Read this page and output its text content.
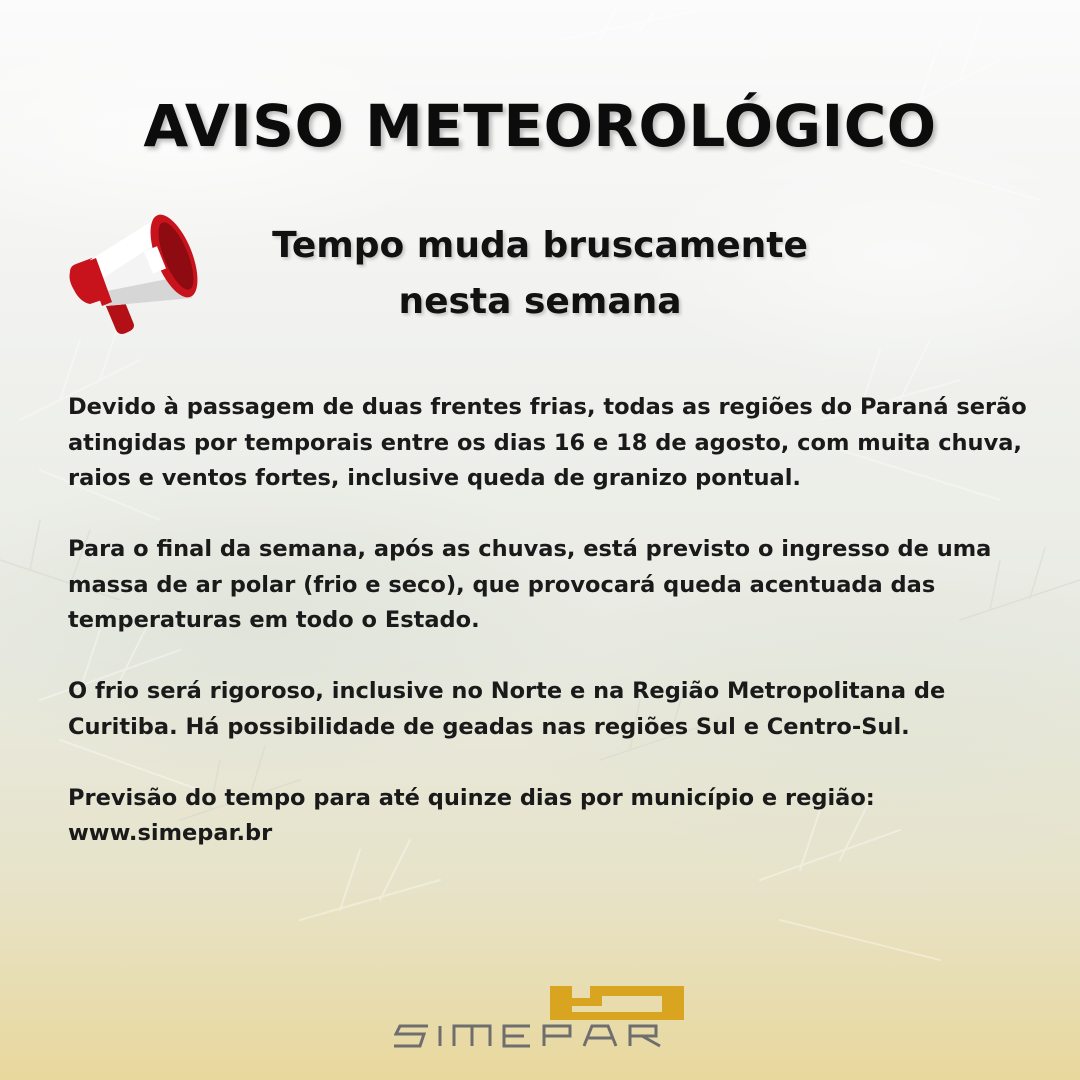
AVISO METEOROLÓGICO
Tempo muda bruscamente
nesta semana

Devido à passagem de duas frentes frias, todas as regiões do Paraná serão atingidas por temporais entre os dias 16 e 18 de agosto, com muita chuva, raios e ventos fortes, inclusive queda de granizo pontual.

Para o final da semana, após as chuvas, está previsto o ingresso de uma massa de ar polar (frio e seco), que provocará queda acentuada das temperaturas em todo o Estado.

O frio será rigoroso, inclusive no Norte e na Região Metropolitana de Curitiba. Há possibilidade de geadas nas regiões Sul e Centro-Sul.

Previsão do tempo para até quinze dias por município e região:
www.simepar.br
